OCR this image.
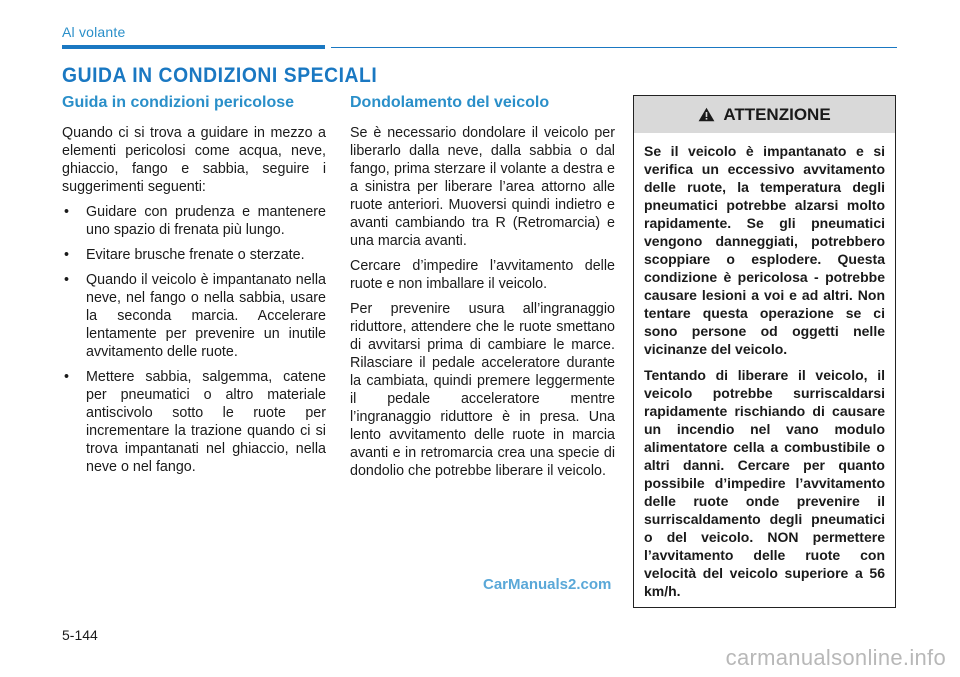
Al volante
GUIDA IN CONDIZIONI SPECIALI
Guida in condizioni pericolose

Quando ci si trova a guidare in mezzo a elementi pericolosi come acqua, neve, ghiaccio, fango e sabbia, seguire i suggerimenti seguenti:

• Guidare con prudenza e mantenere uno spazio di frenata più lungo.
• Evitare brusche frenate o sterzate.
• Quando il veicolo è impantanato nella neve, nel fango o nella sabbia, usare la seconda marcia. Accelerare lentamente per prevenire un inutile avvitamento delle ruote.
• Mettere sabbia, salgemma, catene per pneumatici o altro materiale antiscivolo sotto le ruote per incrementare la trazione quando ci si trova impantanati nel ghiaccio, nella neve o nel fango.
Dondolamento del veicolo

Se è necessario dondolare il veicolo per liberarlo dalla neve, dalla sabbia o dal fango, prima sterzare il volante a destra e a sinistra per liberare l’area attorno alle ruote anteriori. Muoversi quindi indietro e avanti cambiando tra R (Retromarcia) e una marcia avanti.

Cercare d’impedire l’avvitamento delle ruote e non imballare il veicolo.

Per prevenire usura all’ingranaggio riduttore, attendere che le ruote smettano di avvitarsi prima di cambiare le marce. Rilasciare il pedale acceleratore durante la cambiata, quindi premere leggermente il pedale acceleratore mentre l’ingranaggio riduttore è in presa. Una lento avvitamento delle ruote in marcia avanti e in retromarcia crea una specie di dondolio che potrebbe liberare il veicolo.

ATTENZIONE

Se il veicolo è impantanato e si verifica un eccessivo avvitamento delle ruote, la temperatura degli pneumatici potrebbe alzarsi molto rapidamente. Se gli pneumatici vengono danneggiati, potrebbero scoppiare o esplodere. Questa condizione è pericolosa - potrebbe causare lesioni a voi e ad altri. Non tentare questa operazione se ci sono persone od oggetti nelle vicinanze del veicolo.

Tentando di liberare il veicolo, il veicolo potrebbe surriscaldarsi rapidamente rischiando di causare un incendio nel vano modulo alimentatore cella a combustibile o altri danni. Cercare per quanto possibile d’impedire l’avvitamento delle ruote onde prevenire il surriscaldamento degli pneumatici o del veicolo. NON permettere l’avvitamento delle ruote con velocità del veicolo superiore a 56 km/h.

CarManuals2.com
5-144
carmanualsonline.info
